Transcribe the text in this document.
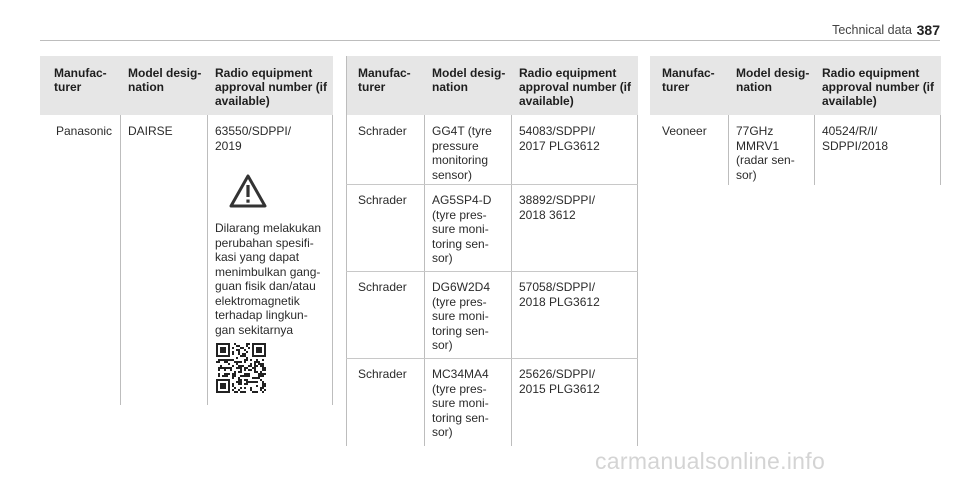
Technical data 387
Manufac-
turer
Model desig-
nation
Radio equipment
approval number (if
available)
Panasonic DAIRSE	63550/SDPPI/
2019
Dilarang melakukan
perubahan spesifi-
kasi yang dapat
menimbulkan gang-
guan fisik dan/atau
elektromagnetik
terhadap lingkun-
gan sekitarnya
Manufac-
turer
Model desig-
nation
Radio equipment
approval number (if
available)
Schrader GG4T (tyre
pressure
monitoring
sensor)
54083/SDPPI/
2017 PLG3612
Schrader AG5SP4-D
(tyre pres-
sure moni-
toring sen-
sor)
38892/SDPPI/
2018 3612
Schrader DG6W2D4
(tyre pres-
sure moni-
toring sen-
sor)
57058/SDPPI/
2018 PLG3612
Schrader MC34MA4
(tyre pres-
sure moni-
toring sen-
sor)
25626/SDPPI/
2015 PLG3612
Manufac-
turer
Model desig-
nation
Radio equipment
approval number (if
available)
Veoneer 77GHz
MMRV1
(radar sen-
sor)
40524/R/I/
SDPPI/2018
carmanualsonline.info
